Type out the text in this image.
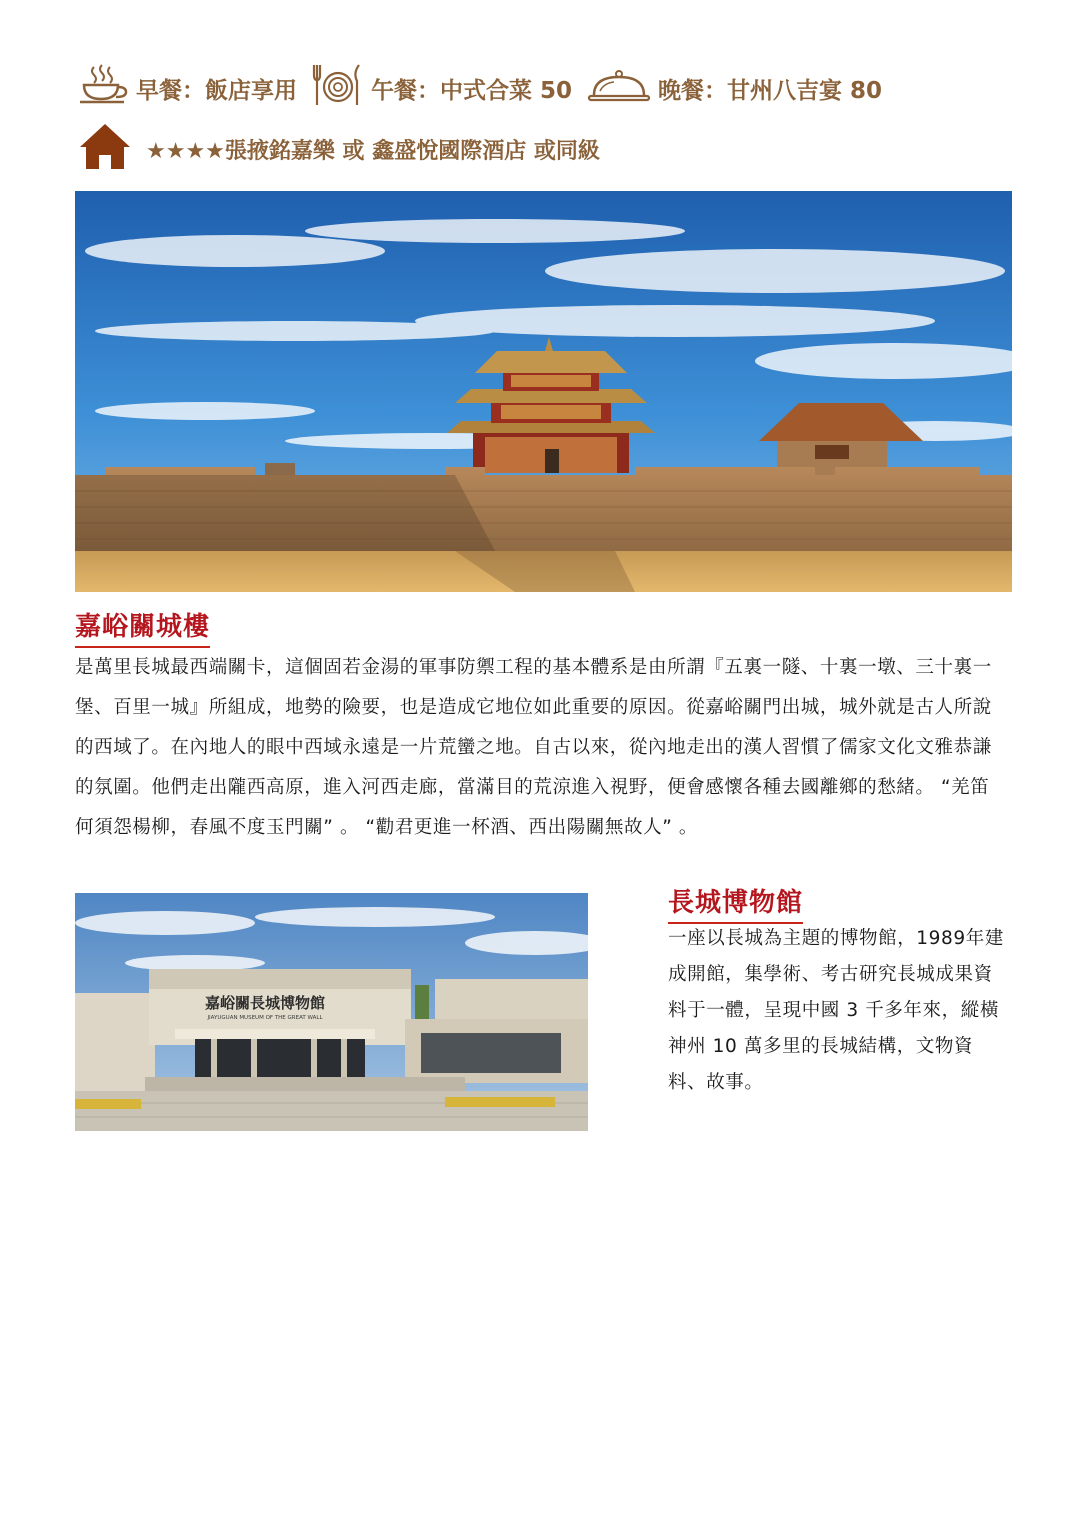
早餐：飯店享用	午餐：中式合菜 50	晚餐：甘州八吉宴 80
★★★★張掖銘嘉樂 或 鑫盛悅國際酒店 或同級
嘉峪關城樓

是萬里長城最西端關卡，這個固若金湯的軍事防禦工程的基本體系是由所謂『五裏一隧、十裏一墩、三十裏一堡、百里一城』所組成，地勢的險要，也是造成它地位如此重要的原因。從嘉峪關門出城，城外就是古人所說的西域了。在內地人的眼中西域永遠是一片荒蠻之地。自古以來，從內地走出的漢人習慣了儒家文化文雅恭謙的氛圍。他們走出隴西高原，進入河西走廊，當滿目的荒涼進入視野，便會感懷各種去國離鄉的愁緒。 “羌笛何須怨楊柳，春風不度玉門關” 。 “勸君更進一杯酒、西出陽關無故人” 。

嘉峪關長城博物館
JIAYUGUAN MUSEUM OF THE GREAT WALL
長城博物館

一座以長城為主題的博物館，1989年建成開館，集學術、考古研究長城成果資料于一體，呈現中國 3 千多年來，縱橫神州 10 萬多里的長城結構，文物資料、故事。
